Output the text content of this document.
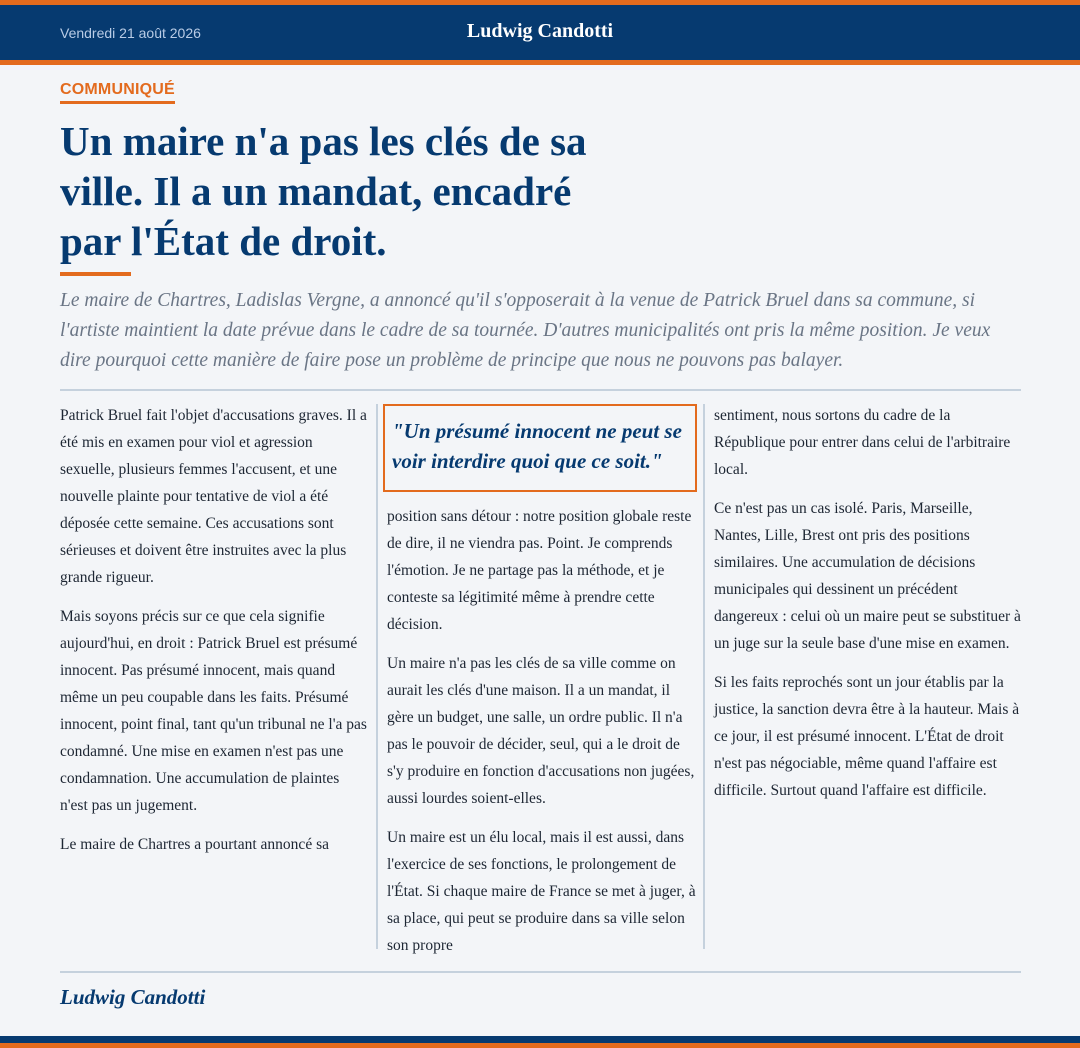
Vendredi 21 août 2026	Ludwig Candotti
COMMUNIQUÉ
Un maire n'a pas les clés de sa ville. Il a un mandat, encadré par l'État de droit.

Le maire de Chartres, Ladislas Vergne, a annoncé qu'il s'opposerait à la venue de Patrick Bruel dans sa commune, si l'artiste maintient la date prévue dans le cadre de sa tournée. D'autres municipalités ont pris la même position. Je veux dire pourquoi cette manière de faire pose un problème de principe que nous ne pouvons pas balayer.

Patrick Bruel fait l'objet d'accusations graves. Il a été mis en examen pour viol et agression sexuelle, plusieurs femmes l'accusent, et une nouvelle plainte pour tentative de viol a été déposée cette semaine. Ces accusations sont sérieuses et doivent être instruites avec la plus grande rigueur.

Mais soyons précis sur ce que cela signifie aujourd'hui, en droit : Patrick Bruel est présumé innocent. Pas présumé innocent, mais quand même un peu coupable dans les faits. Présumé innocent, point final, tant qu'un tribunal ne l'a pas condamné. Une mise en examen n'est pas une condamnation. Une accumulation de plaintes n'est pas un jugement.

Le maire de Chartres a pourtant annoncé sa

"Un présumé innocent ne peut se voir interdire quoi que ce soit."

position sans détour : notre position globale reste de dire, il ne viendra pas. Point. Je comprends l'émotion. Je ne partage pas la méthode, et je conteste sa légitimité même à prendre cette décision.

Un maire n'a pas les clés de sa ville comme on aurait les clés d'une maison. Il a un mandat, il gère un budget, une salle, un ordre public. Il n'a pas le pouvoir de décider, seul, qui a le droit de s'y produire en fonction d'accusations non jugées, aussi lourdes soient-elles.

Un maire est un élu local, mais il est aussi, dans l'exercice de ses fonctions, le prolongement de l'État. Si chaque maire de France se met à juger, à sa place, qui peut se produire dans sa ville selon son propre

sentiment, nous sortons du cadre de la République pour entrer dans celui de l'arbitraire local.

Ce n'est pas un cas isolé. Paris, Marseille, Nantes, Lille, Brest ont pris des positions similaires. Une accumulation de décisions municipales qui dessinent un précédent dangereux : celui où un maire peut se substituer à un juge sur la seule base d'une mise en examen.

Si les faits reprochés sont un jour établis par la justice, la sanction devra être à la hauteur. Mais à ce jour, il est présumé innocent. L'État de droit n'est pas négociable, même quand l'affaire est difficile. Surtout quand l'affaire est difficile.

Ludwig Candotti
